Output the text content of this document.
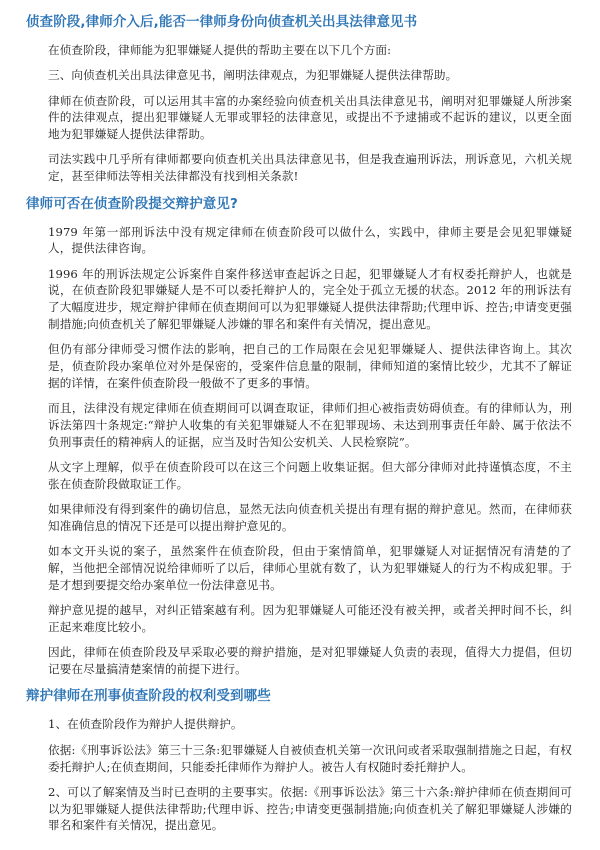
侦查阶段,律师介入后,能否一律师身份向侦查机关出具法律意见书

在侦查阶段，律师能为犯罪嫌疑人提供的帮助主要在以下几个方面:

三、向侦查机关出具法律意见书，阐明法律观点，为犯罪嫌疑人提供法律帮助。

律师在侦查阶段，可以运用其丰富的办案经验向侦查机关出具法律意见书，阐明对犯罪嫌疑人所涉案件的法律观点，提出犯罪嫌疑人无罪或罪轻的法律意见，或提出不予逮捕或不起诉的建议，以更全面地为犯罪嫌疑人提供法律帮助。

司法实践中几乎所有律师都要向侦查机关出具法律意见书，但是我查遍刑诉法，刑诉意见，六机关规定，甚至律师法等相关法律都没有找到相关条款!

律师可否在侦查阶段提交辩护意见?

1979 年第一部刑诉法中没有规定律师在侦查阶段可以做什么，实践中，律师主要是会见犯罪嫌疑人，提供法律咨询。

1996 年的刑诉法规定公诉案件自案件移送审查起诉之日起，犯罪嫌疑人才有权委托辩护人，也就是说，在侦查阶段犯罪嫌疑人是不可以委托辩护人的，完全处于孤立无援的状态。2012 年的刑诉法有了大幅度进步，规定辩护律师在侦查期间可以为犯罪嫌疑人提供法律帮助;代理申诉、控告;申请变更强制措施;向侦查机关了解犯罪嫌疑人涉嫌的罪名和案件有关情况，提出意见。

但仍有部分律师受习惯作法的影响，把自己的工作局限在会见犯罪嫌疑人、提供法律咨询上。其次是，侦查阶段办案单位对外是保密的，受案件信息量的限制，律师知道的案情比较少，尤其不了解证据的详情，在案件侦查阶段一般做不了更多的事情。

而且，法律没有规定律师在侦查期间可以调查取证，律师们担心被指责妨碍侦查。有的律师认为，刑诉法第四十条规定:“辩护人收集的有关犯罪嫌疑人不在犯罪现场、未达到刑事责任年龄、属于依法不负刑事责任的精神病人的证据，应当及时告知公安机关、人民检察院”。

从文字上理解，似乎在侦查阶段可以在这三个问题上收集证据。但大部分律师对此持谨慎态度，不主张在侦查阶段做取证工作。

如果律师没有得到案件的确切信息，显然无法向侦查机关提出有理有据的辩护意见。然而，在律师获知准确信息的情况下还是可以提出辩护意见的。

如本文开头说的案子，虽然案件在侦查阶段，但由于案情简单，犯罪嫌疑人对证据情况有清楚的了解，当他把全部情况说给律师听了以后，律师心里就有数了，认为犯罪嫌疑人的行为不构成犯罪。于是才想到要提交给办案单位一份法律意见书。

辩护意见提的越早，对纠正错案越有利。因为犯罪嫌疑人可能还没有被关押，或者关押时间不长，纠正起来难度比较小。

因此，律师在侦查阶段及早采取必要的辩护措施，是对犯罪嫌疑人负责的表现，值得大力提倡，但切记要在尽量搞清楚案情的前提下进行。

辩护律师在刑事侦查阶段的权利受到哪些

1、在侦查阶段作为辩护人提供辩护。

依据:《刑事诉讼法》第三十三条:犯罪嫌疑人自被侦查机关第一次讯问或者采取强制措施之日起，有权委托辩护人;在侦查期间，只能委托律师作为辩护人。被告人有权随时委托辩护人。

2、可以了解案情及当时已查明的主要事实。依据:《刑事诉讼法》第三十六条:辩护律师在侦查期间可以为犯罪嫌疑人提供法律帮助;代理申诉、控告;申请变更强制措施;向侦查机关了解犯罪嫌疑人涉嫌的罪名和案件有关情况，提出意见。
